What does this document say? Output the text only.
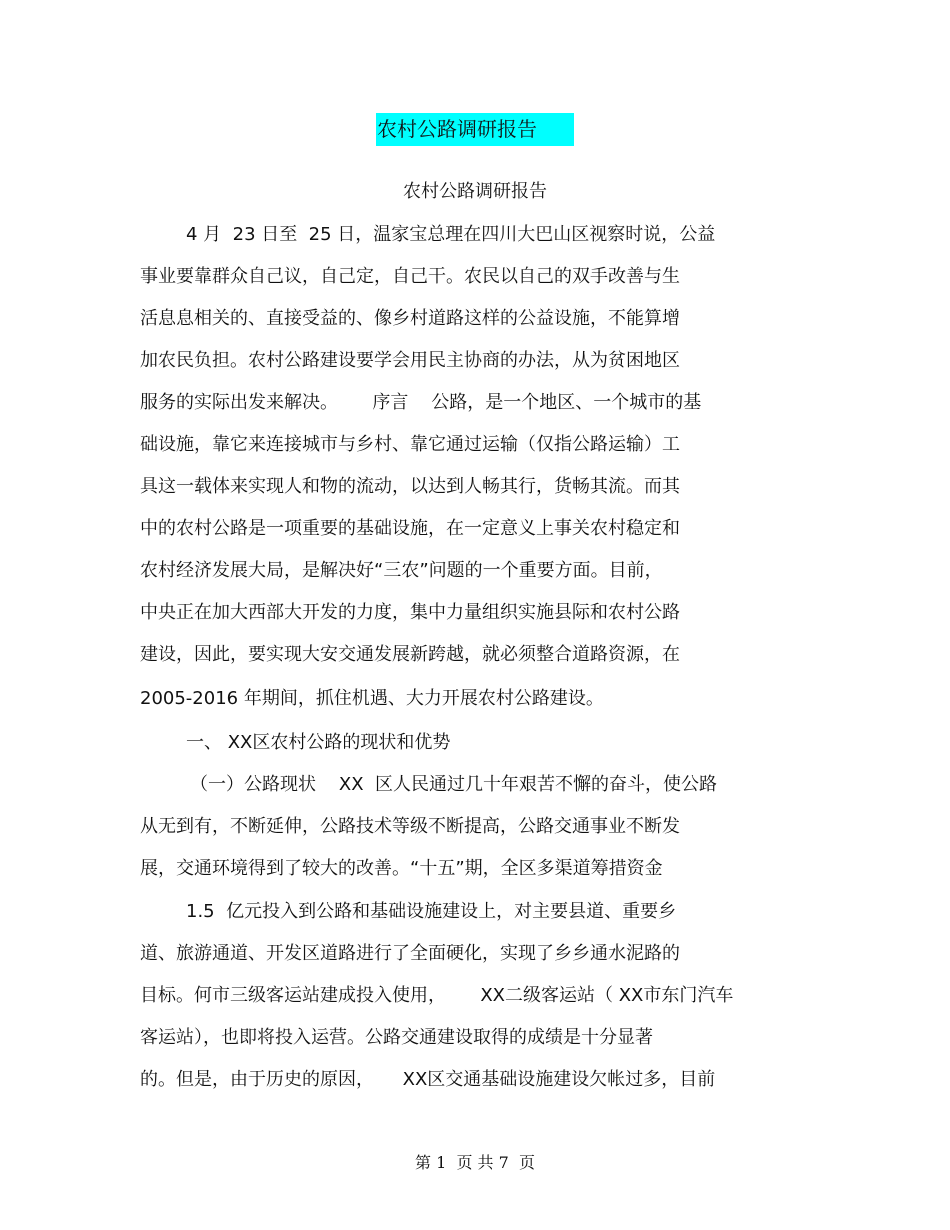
农村公路调研报告
农村公路调研报告
4 月  23 日至  25 日，温家宝总理在四川大巴山区视察时说，公益
事业要靠群众自己议，自己定，自己干。农民以自己的双手改善与生
活息息相关的、直接受益的、像乡村道路这样的公益设施，不能算增
加农民负担。农村公路建设要学会用民主协商的办法，从为贫困地区
服务的实际出发来解决。      序言    公路，是一个地区、一个城市的基
础设施，靠它来连接城市与乡村、靠它通过运输（仅指公路运输）工
具这一载体来实现人和物的流动，以达到人畅其行，货畅其流。而其
中的农村公路是一项重要的基础设施，在一定意义上事关农村稳定和
农村经济发展大局，是解决好“三农”问题的一个重要方面。目前，
中央正在加大西部大开发的力度，集中力量组织实施县际和农村公路
建设，因此，要实现大安交通发展新跨越，就必须整合道路资源，在
2005-2016 年期间，抓住机遇、大力开展农村公路建设。
一、 XX区农村公路的现状和优势
（一）公路现状    XX  区人民通过几十年艰苦不懈的奋斗，使公路
从无到有，不断延伸，公路技术等级不断提高，公路交通事业不断发
展，交通环境得到了较大的改善。“十五”期，全区多渠道筹措资金
1.5  亿元投入到公路和基础设施建设上，对主要县道、重要乡
道、旅游通道、开发区道路进行了全面硬化，实现了乡乡通水泥路的
目标。何市三级客运站建成投入使用，      XX二级客运站（ XX市东门汽车
客运站），也即将投入运营。公路交通建设取得的成绩是十分显著
的。但是，由于历史的原因，     XX区交通基础设施建设欠帐过多，目前
第 1  页 共 7  页
